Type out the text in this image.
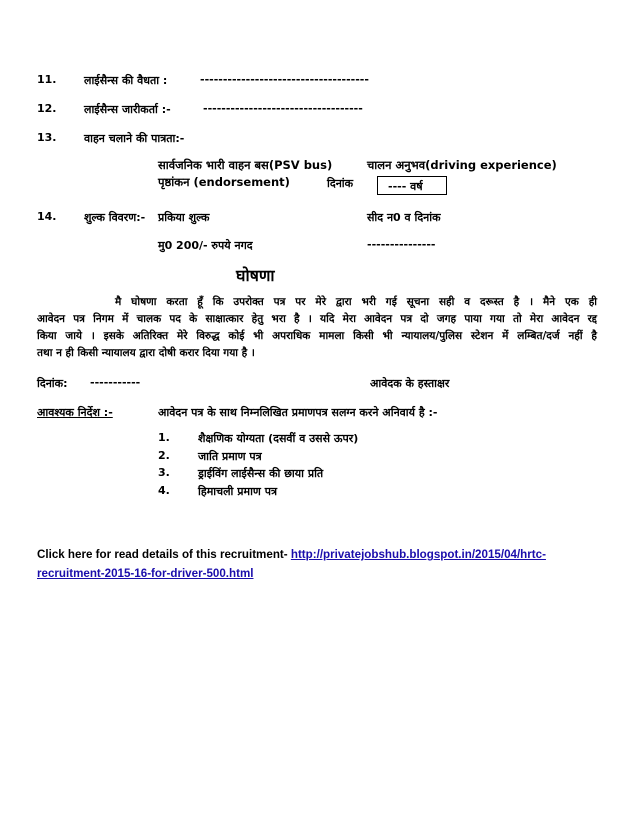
11.	लाईसैन्स की वैधता :	-------------------------------------
12.	लाईसैन्स जारीकर्ता :-	-----------------------------------
13.	वाहन चलाने की पात्रता:-
सार्वजनिक भारी वाहन बस(PSV bus)	चालन अनुभव(driving experience)
पृष्ठांकन (endorsement)	दिनांक	---- वर्ष
14.	शुल्क विवरण:- प्रकिया शुल्क	सीद न0 व दिनांक
मु0 200/- रुपये नगद	---------------
घोषणा
मै घोषणा करता हूँ कि उपरोक्त पत्र पर मेरे द्वारा भरी गई सूचना सही व दरूस्त है । मैने एक ही
आवेदन पत्र निगम में चालक पद के साक्षात्कार हेतु भरा है । यदि मेरा आवेदन पत्र दो जगह पाया गया तो मेरा आवेदन रद्द
किया जाये । इसके अतिरिक्त मेरे विरुद्ध कोई भी अपराधिक मामला किसी भी न्यायालय/पुलिस स्टेशन में लम्बित/दर्ज नहीं है
तथा न ही किसी न्यायालय द्वारा दोषी करार दिया गया है ।
दिनांक: -----------	आवेदक के हस्ताक्षर
आवश्यक निर्देश :-	आवेदन पत्र के साथ निम्नलिखित प्रमाणपत्र सलग्न करने अनिवार्य है :-
1.	शैक्षणिक योग्यता (दसवीं व उससे ऊपर)
2.	जाति प्रमाण पत्र
3.	ड्राईविंग लाईसैन्स की छाया प्रति
4.	हिमाचली प्रमाण पत्र
Click here for read details of this recruitment- http://privatejobshub.blogspot.in/2015/04/hrtc-
recruitment-2015-16-for-driver-500.html
